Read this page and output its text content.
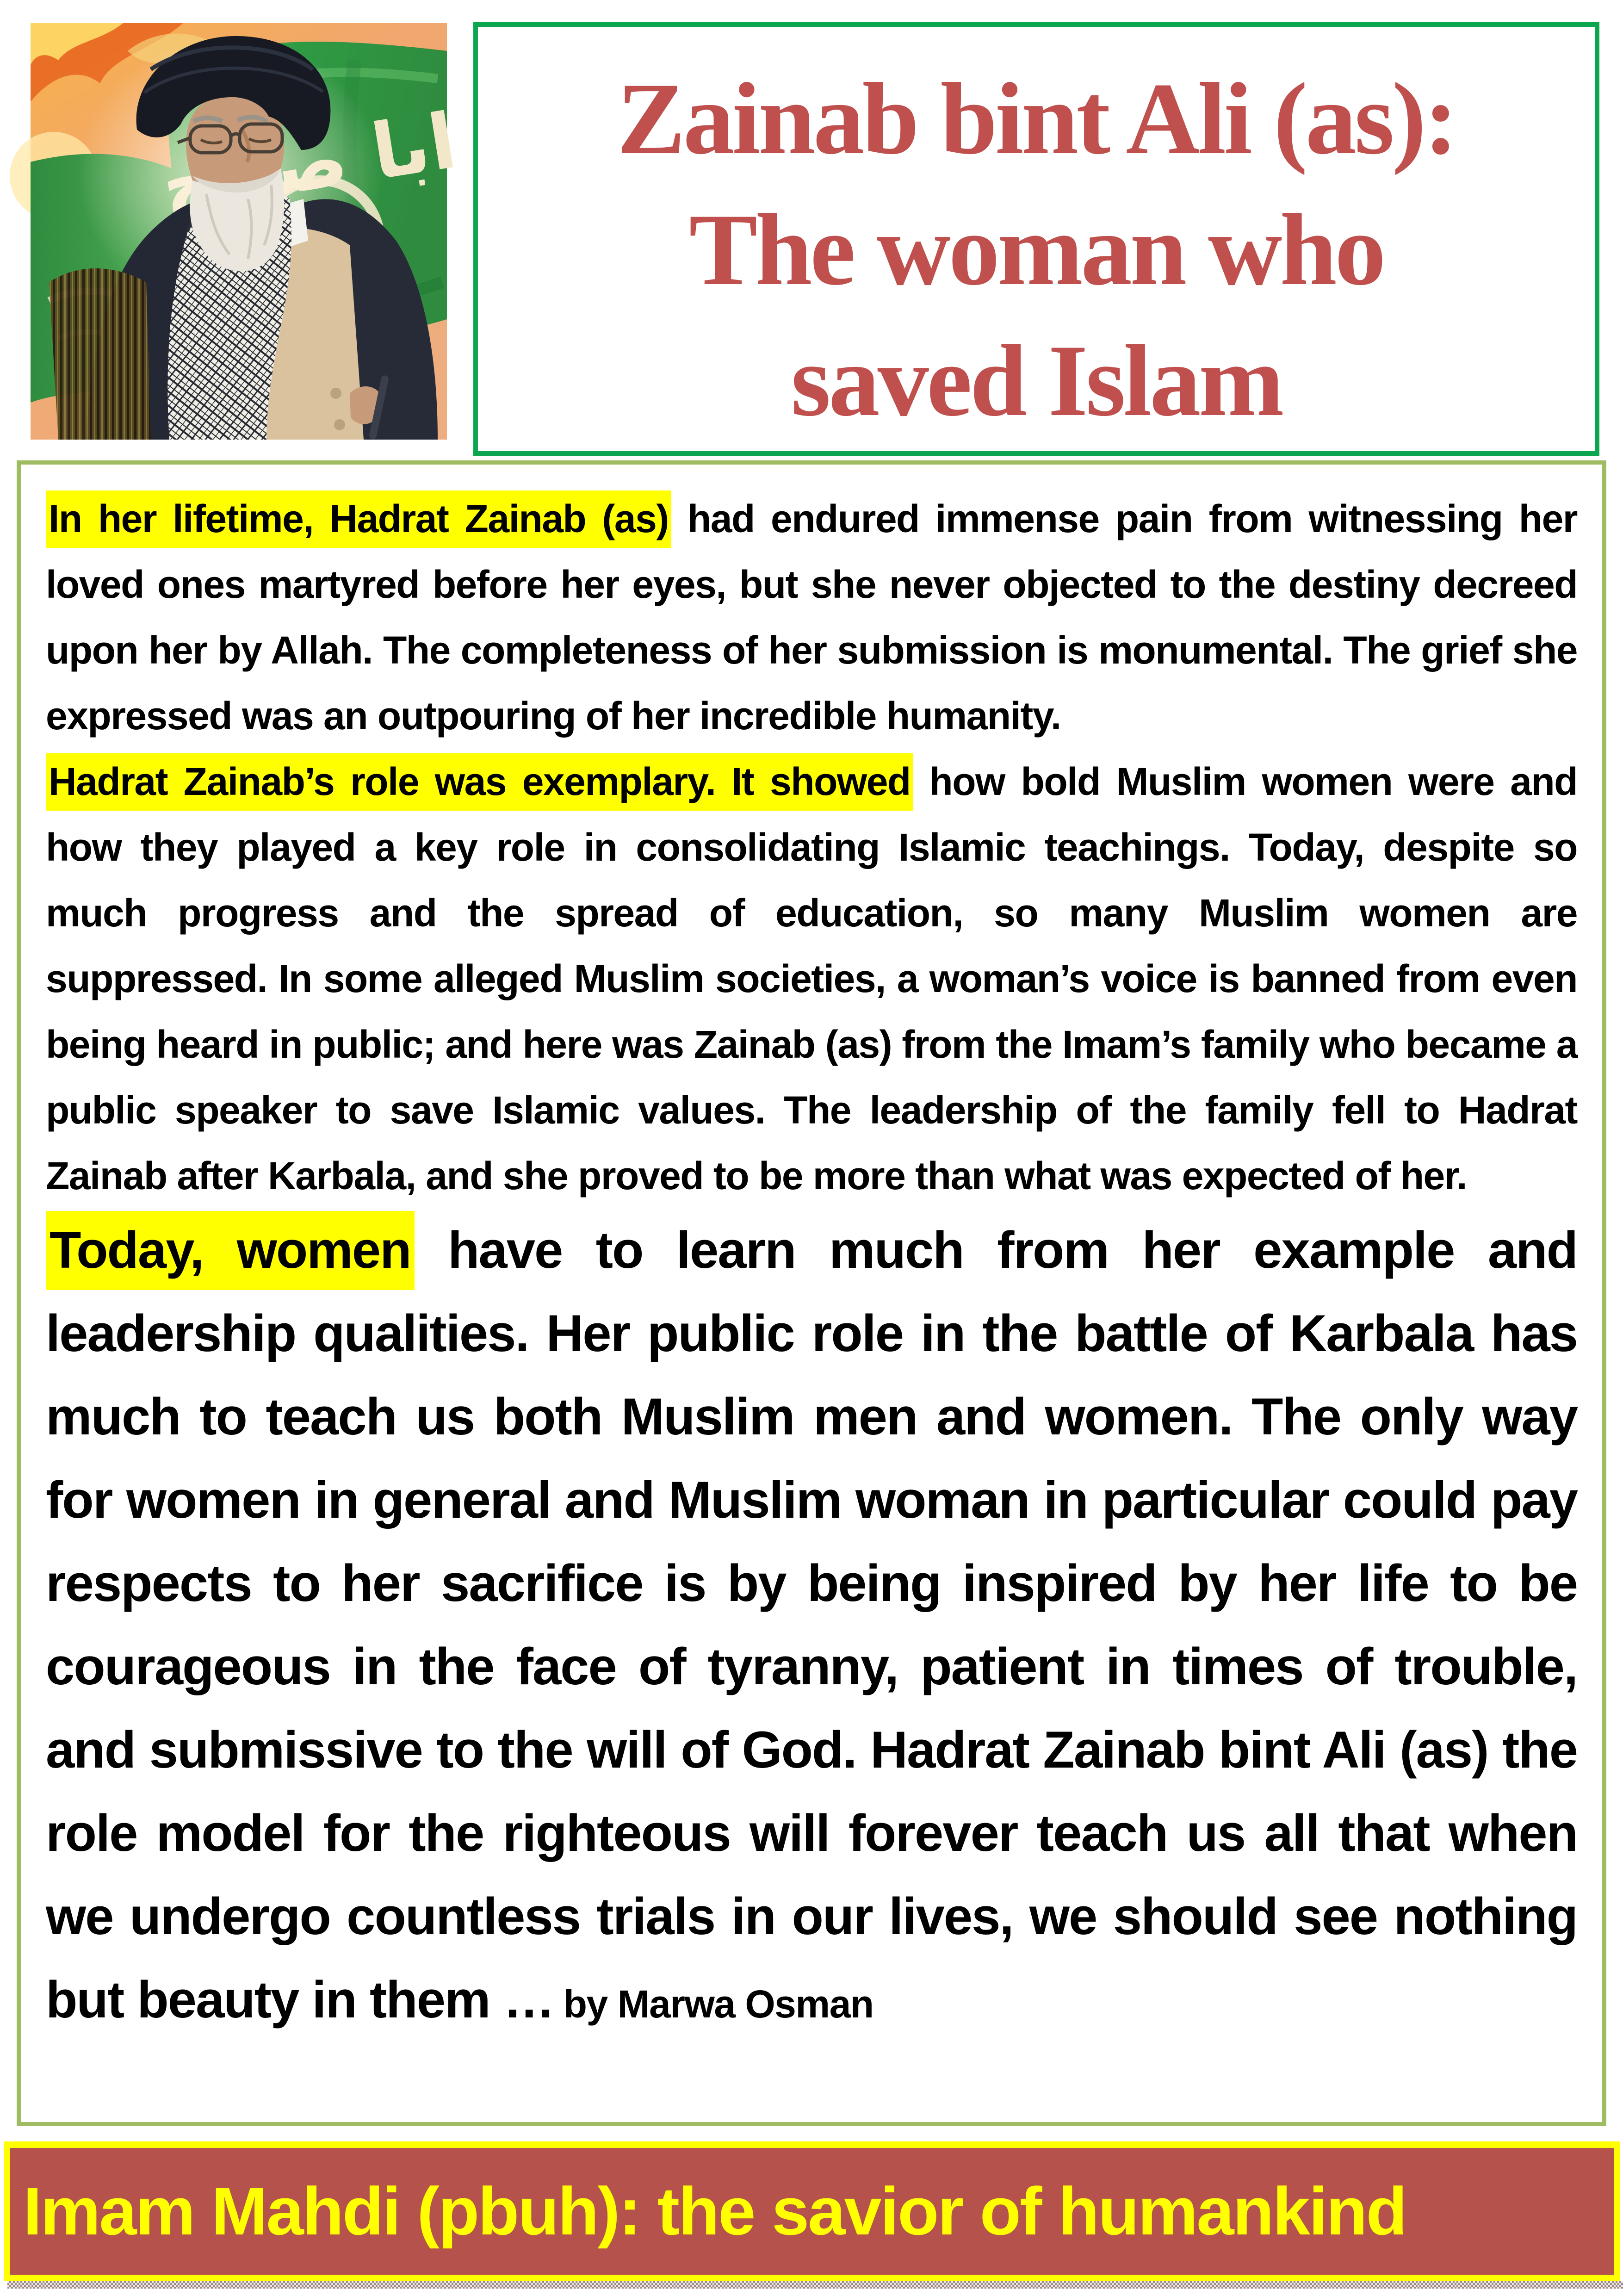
ابا	Zainab bint Ali (as):
The woman who
saved Islam

In her lifetime, Hadrat Zainab (as) had endured immense pain from witnessing her loved ones martyred before her eyes, but she never objected to the destiny decreed upon her by Allah. The completeness of her submission is monumental. The grief she expressed was an outpouring of her incredible humanity.

Hadrat Zainab’s role was exemplary. It showed how bold Muslim women were and how they played a key role in consolidating Islamic teachings. Today, despite so much progress and the spread of education, so many Muslim women are suppressed. In some alleged Muslim societies, a woman’s voice is banned from even being heard in public; and here was Zainab (as) from the Imam’s family who became a public speaker to save Islamic values. The leadership of the family fell to Hadrat Zainab after Karbala, and she proved to be more than what was expected of her.

Today, women have to learn much from her example and leadership qualities. Her public role in the battle of Karbala has much to teach us both Muslim men and women. The only way for women in general and Muslim woman in particular could pay respects to her sacrifice is by being inspired by her life to be courageous in the face of tyranny, patient in times of trouble, and submissive to the will of God. Hadrat Zainab bint Ali (as) the role model for the righteous will forever teach us all that when we undergo countless trials in our lives, we should see nothing but beauty in them … by Marwa Osman

Imam Mahdi (pbuh): the savior of humankind
